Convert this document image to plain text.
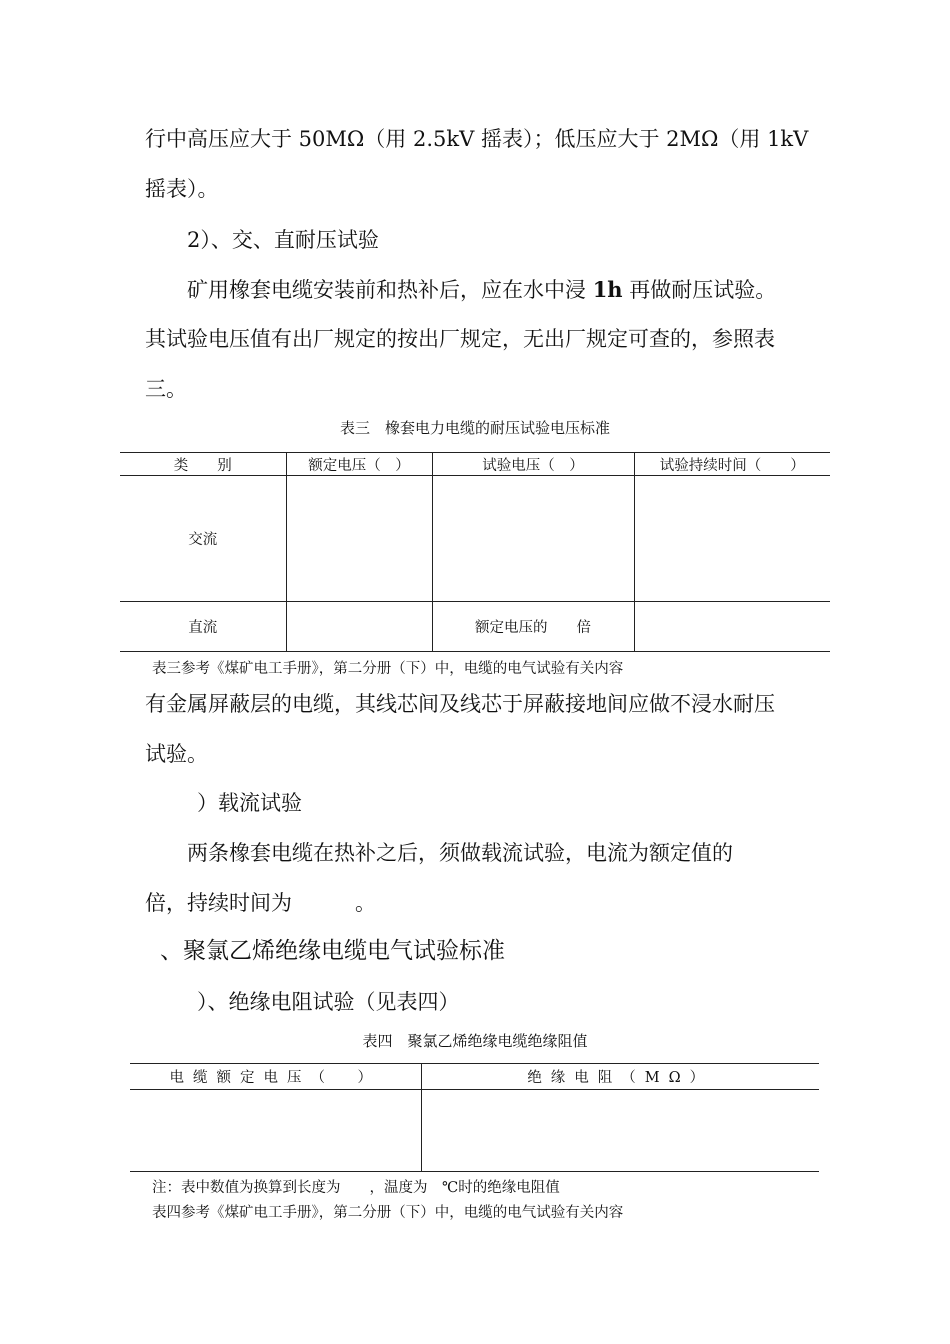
行中高压应大于 50MΩ（用 2.5kV 摇表）；低压应大于 2MΩ（用 1kV
摇表）。
2）、交、直耐压试验
矿用橡套电缆安装前和热补后，应在水中浸 1h 再做耐压试验。
其试验电压值有出厂规定的按出厂规定，无出厂规定可查的，参照表
三。
表三　橡套电力电缆的耐压试验电压标准
类　　别	额定电压（　）	试验电压（　）	试验持续时间（　　）
交流			
直流		额定电压的　　倍	
表三参考《煤矿电工手册》，第二分册（下）中，电缆的电气试验有关内容
有金属屏蔽层的电缆，其线芯间及线芯于屏蔽接地间应做不浸水耐压
试验。
）载流试验
两条橡套电缆在热补之后，须做载流试验，电流为额定值的
倍，持续时间为　　　。
、聚氯乙烯绝缘电缆电气试验标准
）、绝缘电阻试验（见表四）
表四　聚氯乙烯绝缘电缆绝缘阻值
电缆额定电压（　）	绝缘电阻（MΩ）

注：表中数值为换算到长度为　　，温度为　℃时的绝缘电阻值
表四参考《煤矿电工手册》，第二分册（下）中，电缆的电气试验有关内容
